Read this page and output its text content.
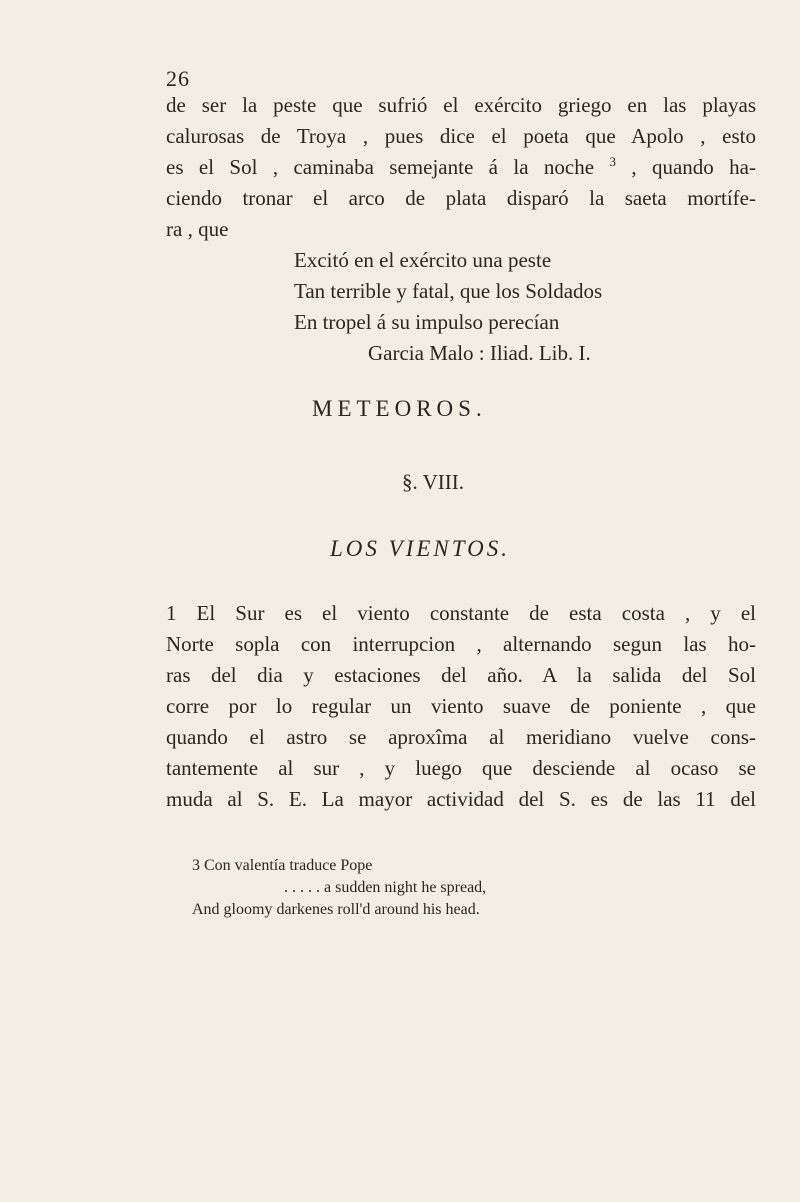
26

de ser la peste que sufrió el exército griego en las playas
calurosas de Troya , pues dice el poeta que Apolo , esto
es el Sol , caminaba semejante á la noche $^3$ , quando ha-
ciendo tronar el arco de plata disparó la saeta mortífe-
ra , que

Excitó en el exército una peste
Tan terrible y fatal, que los Soldados
En tropel á su impulso perecían
Garcia Malo : Iliad. Lib. I.
METEOROS.
§. VIII.
LOS VIENTOS.

1 El Sur es el viento constante de esta costa , y el
Norte sopla con interrupcion , alternando segun las ho-
ras del dia y estaciones del año. A la salida del Sol
corre por lo regular un viento suave de poniente , que
quando el astro se aproxîma al meridiano vuelve cons-
tantemente al sur , y luego que desciende al ocaso se
muda al S. E. La mayor actividad del S. es de las 11 del

3 Con valentía traduce Pope
. . . . . a sudden night he spread,
And gloomy darkenes roll'd around his head.
